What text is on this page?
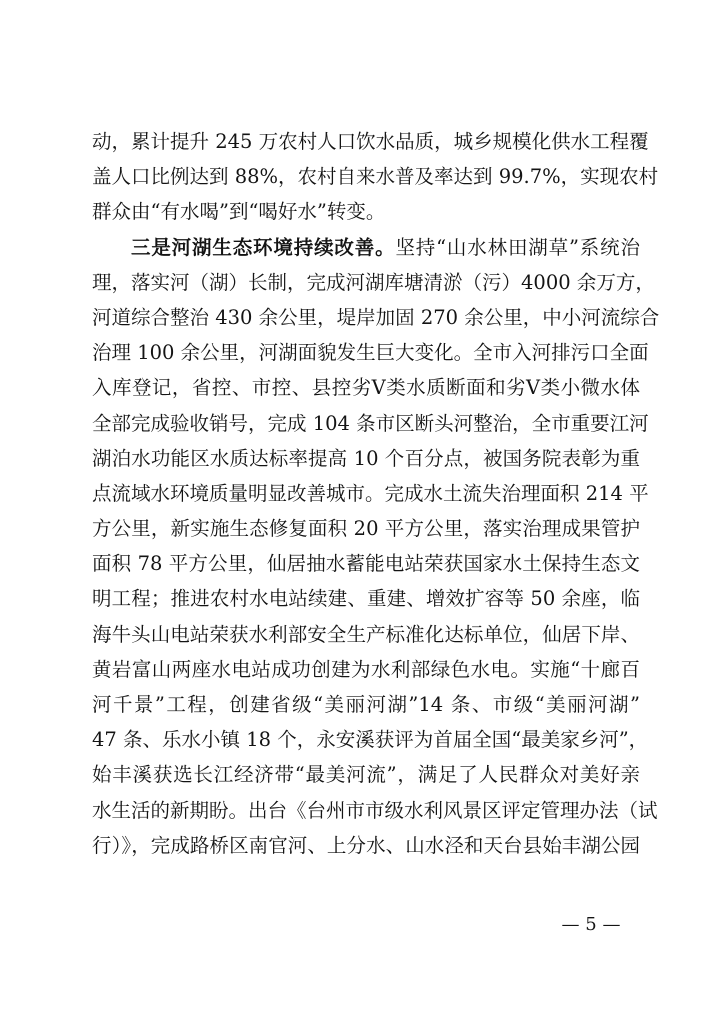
动，累计提升 245 万农村人口饮水品质，城乡规模化供水工程覆
盖人口比例达到 88%，农村自来水普及率达到 99.7%，实现农村
群众由“有水喝”到“喝好水”转变。
三是河湖生态环境持续改善。坚持“山水林田湖草”系统治
理，落实河（湖）长制，完成河湖库塘清淤（污）4000 余万方，
河道综合整治 430 余公里，堤岸加固 270 余公里，中小河流综合
治理 100 余公里，河湖面貌发生巨大变化。全市入河排污口全面
入库登记，省控、市控、县控劣Ⅴ类水质断面和劣Ⅴ类小微水体
全部完成验收销号，完成 104 条市区断头河整治，全市重要江河
湖泊水功能区水质达标率提高 10 个百分点，被国务院表彰为重
点流域水环境质量明显改善城市。完成水土流失治理面积 214 平
方公里，新实施生态修复面积 20 平方公里，落实治理成果管护
面积 78 平方公里，仙居抽水蓄能电站荣获国家水土保持生态文
明工程；推进农村水电站续建、重建、增效扩容等 50 余座，临
海牛头山电站荣获水利部安全生产标准化达标单位，仙居下岸、
黄岩富山两座水电站成功创建为水利部绿色水电。实施“十廊百
河千景”工程，创建省级“美丽河湖”14 条、市级“美丽河湖”
47 条、乐水小镇 18 个，永安溪获评为首届全国“最美家乡河”，
始丰溪获选长江经济带“最美河流”，满足了人民群众对美好亲
水生活的新期盼。出台《台州市市级水利风景区评定管理办法（试
行）》，完成路桥区南官河、上分水、山水泾和天台县始丰湖公园
— 5 —
